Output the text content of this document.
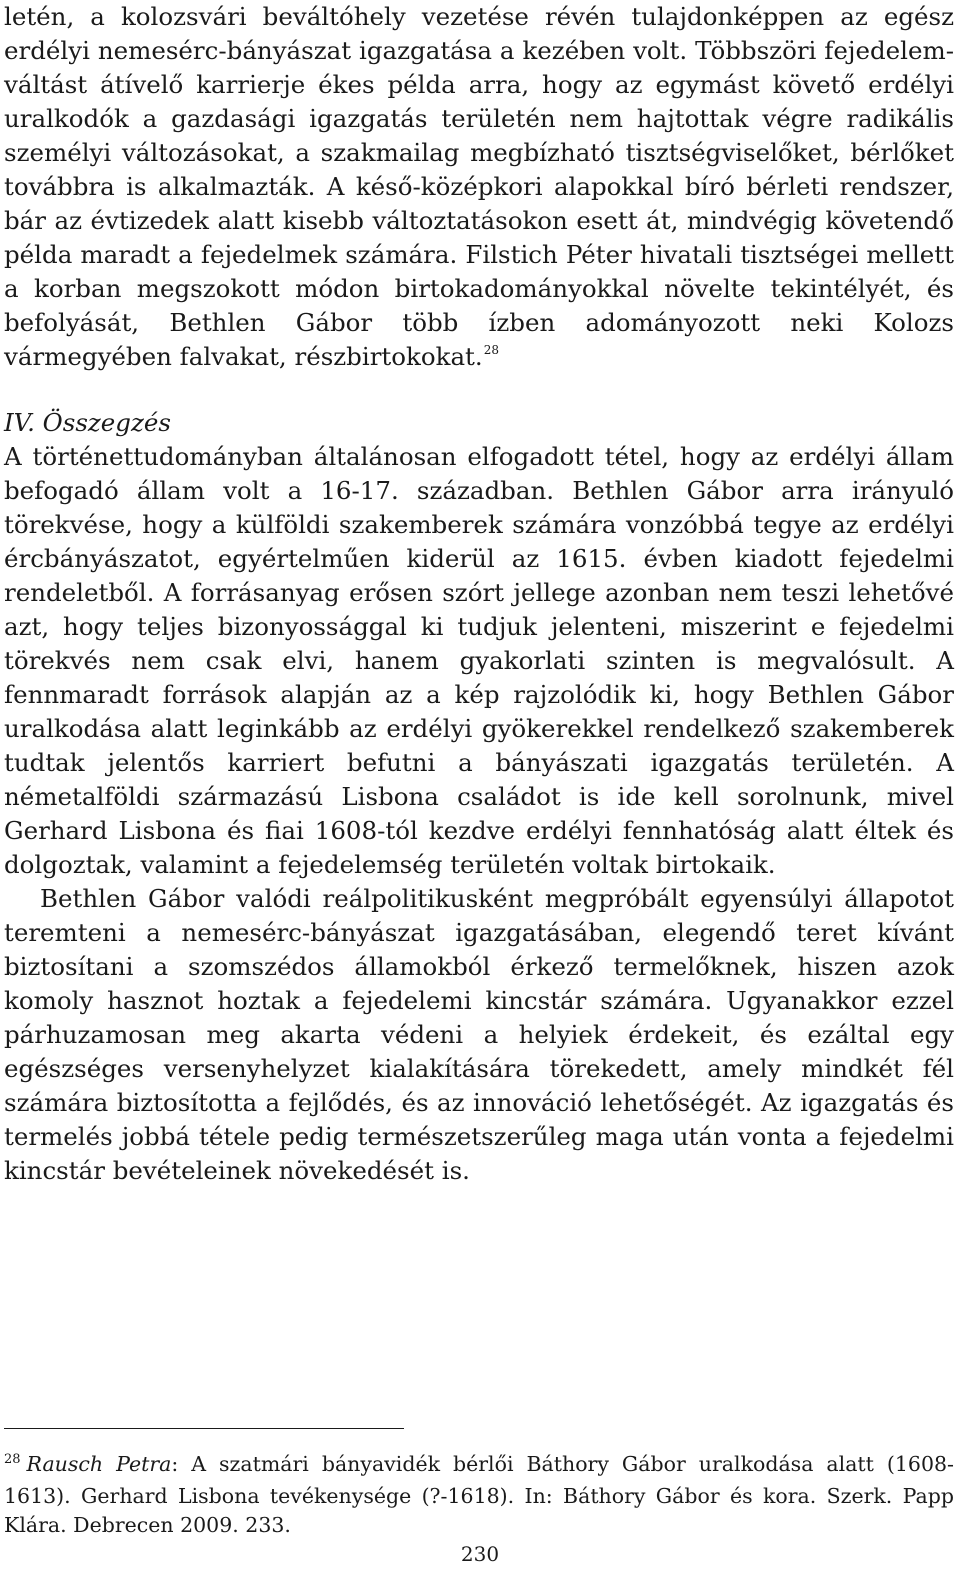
letén, a kolozsvári beváltóhely vezetése révén tulajdonképpen az egész erdélyi nemesérc-bányászat igazgatása a kezében volt. Többszöri fejedelem-váltást átívelő karrierje ékes példa arra, hogy az egymást követő erdélyi uralkodók a gazdasági igazgatás területén nem hajtottak végre radikális személyi változásokat, a szakmailag megbízható tisztségviselőket, bérlőket továbbra is alkalmazták. A késő-középkori alapokkal bíró bérleti rendszer, bár az évtizedek alatt kisebb változtatásokon esett át, mindvégig követendő példa maradt a fejedelmek számára. Filstich Péter hivatali tisztségei mellett a korban megszokott módon birtokadományokkal növelte tekintélyét, és befolyását, Bethlen Gábor több ízben adományozott neki Kolozs vármegyében falvakat, részbirtokokat.$^{28}$

IV. Összegzés

A történettudományban általánosan elfogadott tétel, hogy az erdélyi állam befogadó állam volt a 16-17. században. Bethlen Gábor arra irányuló törekvése, hogy a külföldi szakemberek számára vonzóbbá tegye az erdélyi ércbányászatot, egyértelműen kiderül az 1615. évben kiadott fejedelmi rendeletből. A forrásanyag erősen szórt jellege azonban nem teszi lehetővé azt, hogy teljes bizonyossággal ki tudjuk jelenteni, miszerint e fejedelmi törekvés nem csak elvi, hanem gyakorlati szinten is megvalósult. A fennmaradt források alapján az a kép rajzolódik ki, hogy Bethlen Gábor uralkodása alatt leginkább az erdélyi gyökerekkel rendelkező szakemberek tudtak jelentős karriert befutni a bányászati igazgatás területén. A németalföldi származású Lisbona családot is ide kell sorolnunk, mivel Gerhard Lisbona és fiai 1608-tól kezdve erdélyi fennhatóság alatt éltek és dolgoztak, valamint a fejedelemség területén voltak birtokaik.

Bethlen Gábor valódi reálpolitikusként megpróbált egyensúlyi állapotot teremteni a nemesérc-bányászat igazgatásában, elegendő teret kívánt biztosítani a szomszédos államokból érkező termelőknek, hiszen azok komoly hasznot hoztak a fejedelemi kincstár számára. Ugyanakkor ezzel párhuzamosan meg akarta védeni a helyiek érdekeit, és ezáltal egy egészséges versenyhelyzet kialakítására törekedett, amely mindkét fél számára biztosította a fejlődés, és az innováció lehetőségét. Az igazgatás és termelés jobbá tétele pedig természetszerűleg maga után vonta a fejedelmi kincstár bevételeinek növekedését is.

$^{28}$ Rausch Petra: A szatmári bányavidék bérlői Báthory Gábor uralkodása alatt (1608-1613). Gerhard Lisbona tevékenysége (?-1618). In: Báthory Gábor és kora. Szerk. Papp Klára. Debrecen 2009. 233.

230
